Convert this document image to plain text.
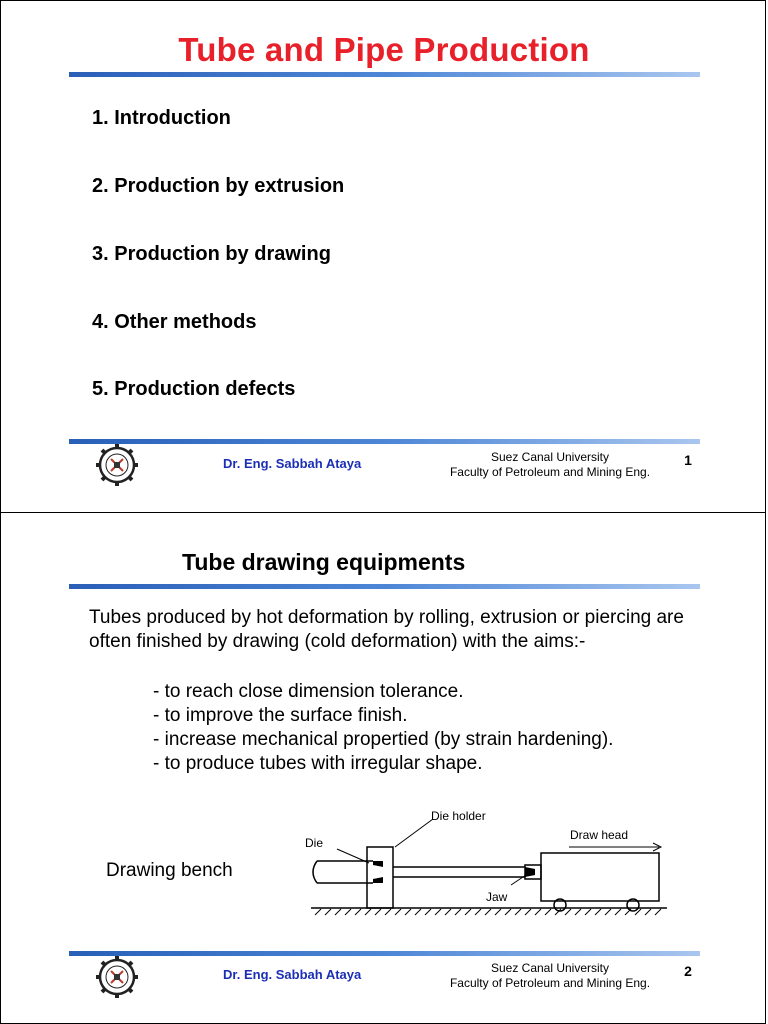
Tube and Pipe Production
1. Introduction
2. Production by extrusion
3. Production by drawing
4. Other methods
5. Production defects
Dr. Eng. Sabbah Ataya	Suez Canal University
Faculty of Petroleum and Mining Eng.
1
Tube drawing equipments
Tubes produced by hot deformation by rolling, extrusion or piercing are often finished by drawing (cold deformation) with the aims:-
- to reach close dimension tolerance.
- to improve the surface finish.
- increase mechanical propertied (by strain hardening).
- to produce tubes with irregular shape.
Drawing bench
Die
Die holder
Draw head
Jaw
Dr. Eng. Sabbah Ataya	Suez Canal University
Faculty of Petroleum and Mining Eng.
2
